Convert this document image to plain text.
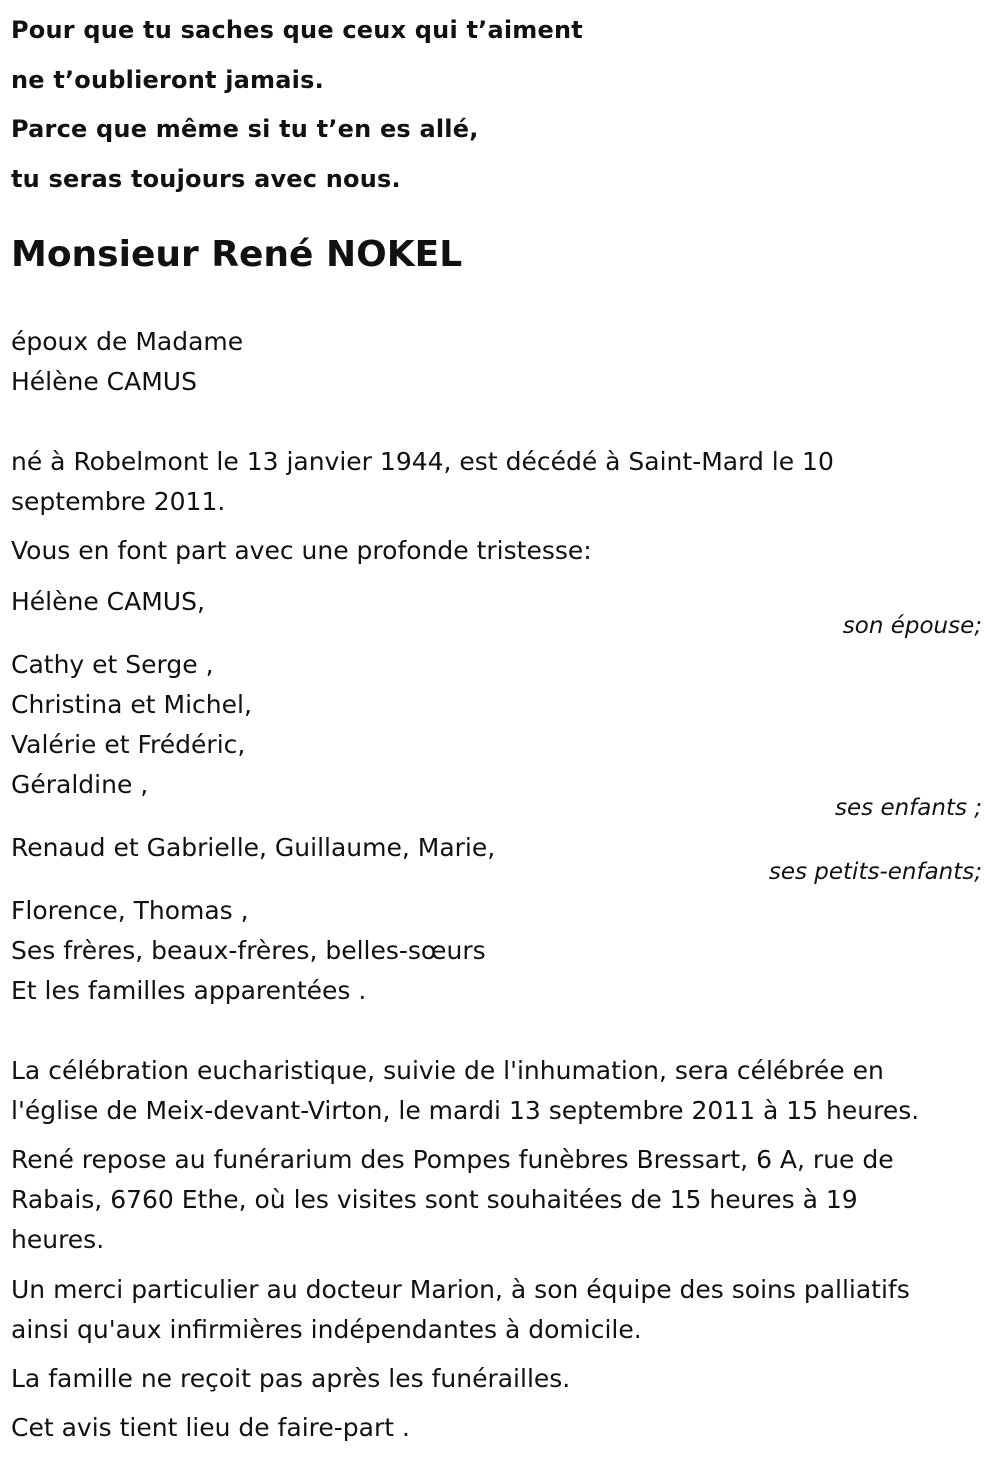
Pour que tu saches que ceux qui t’aiment
ne t’oublieront jamais.
Parce que même si tu t’en es allé,
tu seras toujours avec nous.
Monsieur René NOKEL
époux de Madame
Hélène CAMUS
né à Robelmont le 13 janvier 1944, est décédé à Saint-Mard le 10
septembre 2011.
Vous en font part avec une profonde tristesse:
Hélène CAMUS,
son épouse;
Cathy et Serge ,
Christina et Michel,
Valérie et Frédéric,
Géraldine ,
ses enfants ;
Renaud et Gabrielle, Guillaume, Marie,
ses petits-enfants;
Florence, Thomas ,
Ses frères, beaux-frères, belles-sœurs
Et les familles apparentées .
La célébration eucharistique, suivie de l'inhumation, sera célébrée en
l'église de Meix-devant-Virton, le mardi 13 septembre 2011 à 15 heures.
René repose au funérarium des Pompes funèbres Bressart, 6 A, rue de
Rabais, 6760 Ethe, où les visites sont souhaitées de 15 heures à 19
heures.
Un merci particulier au docteur Marion, à son équipe des soins palliatifs
ainsi qu'aux infirmières indépendantes à domicile.
La famille ne reçoit pas après les funérailles.
Cet avis tient lieu de faire-part .
